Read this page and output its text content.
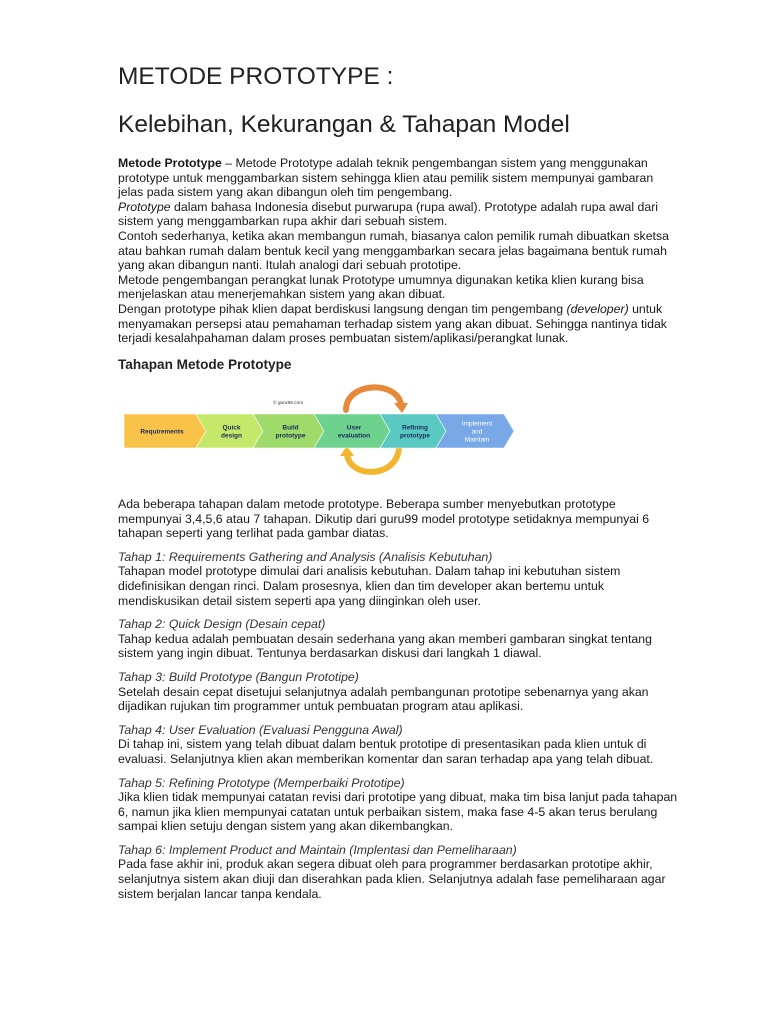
METODE PROTOTYPE :
Kelebihan, Kekurangan & Tahapan Model

Metode Prototype – Metode Prototype adalah teknik pengembangan sistem yang menggunakan prototype untuk menggambarkan sistem sehingga klien atau pemilik sistem mempunyai gambaran jelas pada sistem yang akan dibangun oleh tim pengembang.

Prototype dalam bahasa Indonesia disebut purwarupa (rupa awal). Prototype adalah rupa awal dari sistem yang menggambarkan rupa akhir dari sebuah sistem.

Contoh sederhanya, ketika akan membangun rumah, biasanya calon pemilik rumah dibuatkan sketsa atau bahkan rumah dalam bentuk kecil yang menggambarkan secara jelas bagaimana bentuk rumah yang akan dibangun nanti. Itulah analogi dari sebuah prototipe.

Metode pengembangan perangkat lunak Prototype umumnya digunakan ketika klien kurang bisa menjelaskan atau menerjemahkan sistem yang akan dibuat.

Dengan prototype pihak klien dapat berdiskusi langsung dengan tim pengembang (developer) untuk menyamakan persepsi atau pemahaman terhadap sistem yang akan dibuat. Sehingga nantinya tidak terjadi kesalahpahaman dalam proses pembuatan sistem/aplikasi/perangkat lunak.

Tahapan Metode Prototype
© guru99.com
Requirements
Quick design
Build prototype
User evaluation
Refining prototype
Implement and Maintain

Ada beberapa tahapan dalam metode prototype. Beberapa sumber menyebutkan prototype mempunyai 3,4,5,6 atau 7 tahapan. Dikutip dari guru99 model prototype setidaknya mempunyai 6 tahapan seperti yang terlihat pada gambar diatas.

Tahap 1: Requirements Gathering and Analysis (Analisis Kebutuhan)

Tahapan model prototype dimulai dari analisis kebutuhan. Dalam tahap ini kebutuhan sistem didefinisikan dengan rinci. Dalam prosesnya, klien dan tim developer akan bertemu untuk mendiskusikan detail sistem seperti apa yang diinginkan oleh user.

Tahap 2: Quick Design (Desain cepat)

Tahap kedua adalah pembuatan desain sederhana yang akan memberi gambaran singkat tentang sistem yang ingin dibuat. Tentunya berdasarkan diskusi dari langkah 1 diawal.

Tahap 3: Build Prototype (Bangun Prototipe)

Setelah desain cepat disetujui selanjutnya adalah pembangunan prototipe sebenarnya yang akan dijadikan rujukan tim programmer untuk pembuatan program atau aplikasi.

Tahap 4: User Evaluation (Evaluasi Pengguna Awal)

Di tahap ini, sistem yang telah dibuat dalam bentuk prototipe di presentasikan pada klien untuk di evaluasi. Selanjutnya klien akan memberikan komentar dan saran terhadap apa yang telah dibuat.

Tahap 5: Refining Prototype (Memperbaiki Prototipe)

Jika klien tidak mempunyai catatan revisi dari prototipe yang dibuat, maka tim bisa lanjut pada tahapan 6, namun jika klien mempunyai catatan untuk perbaikan sistem, maka fase 4-5 akan terus berulang sampai klien setuju dengan sistem yang akan dikembangkan.

Tahap 6: Implement Product and Maintain (Implentasi dan Pemeliharaan)

Pada fase akhir ini, produk akan segera dibuat oleh para programmer berdasarkan prototipe akhir, selanjutnya sistem akan diuji dan diserahkan pada klien. Selanjutnya adalah fase pemeliharaan agar sistem berjalan lancar tanpa kendala.
